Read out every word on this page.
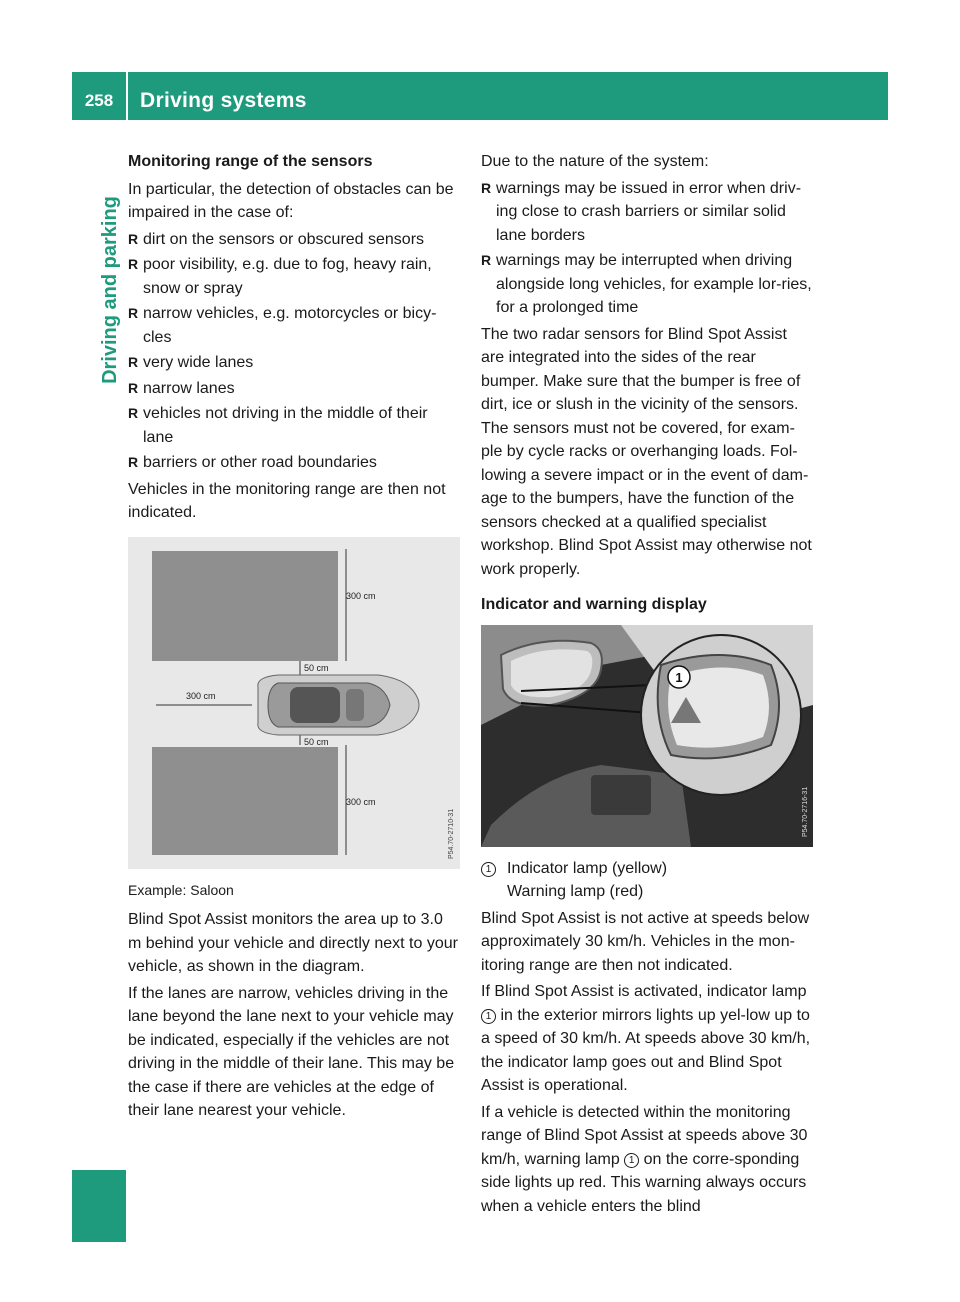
258	Driving systems
Driving and parking
Monitoring range of the sensors

In particular, the detection of obstacles can be impaired in the case of:

R dirt on the sensors or obscured sensors
R poor visibility, e.g. due to fog, heavy rain, snow or spray
R narrow vehicles, e.g. motorcycles or bicy-cles
R very wide lanes
R narrow lanes
R vehicles not driving in the middle of their lane
R barriers or other road boundaries

Vehicles in the monitoring range are then not indicated.

300 cm
50 cm
300 cm
50 cm
300 cm
P54.70-2710-31

Example: Saloon

Blind Spot Assist monitors the area up to 3.0 m behind your vehicle and directly next to your vehicle, as shown in the diagram.

If the lanes are narrow, vehicles driving in the lane beyond the lane next to your vehicle may be indicated, especially if the vehicles are not driving in the middle of their lane. This may be the case if there are vehicles at the edge of their lane nearest your vehicle.

Due to the nature of the system:

R warnings may be issued in error when driv-ing close to crash barriers or similar solid lane borders
R warnings may be interrupted when driving alongside long vehicles, for example lor-ries, for a prolonged time

The two radar sensors for Blind Spot Assist are integrated into the sides of the rear bumper. Make sure that the bumper is free of dirt, ice or slush in the vicinity of the sensors. The sensors must not be covered, for exam-ple by cycle racks or overhanging loads. Fol-lowing a severe impact or in the event of dam-age to the bumpers, have the function of the sensors checked at a qualified specialist workshop. Blind Spot Assist may otherwise not work properly.

Indicator and warning display
1
P54.70-2716-31

1 Indicator lamp (yellow)
Warning lamp (red)

Blind Spot Assist is not active at speeds below approximately 30 km/h. Vehicles in the mon-itoring range are then not indicated.

If Blind Spot Assist is activated, indicator lamp 1 in the exterior mirrors lights up yel-low up to a speed of 30 km/h. At speeds above 30 km/h, the indicator lamp goes out and Blind Spot Assist is operational.

If a vehicle is detected within the monitoring range of Blind Spot Assist at speeds above 30 km/h, warning lamp 1 on the corre-sponding side lights up red. This warning always occurs when a vehicle enters the blind
